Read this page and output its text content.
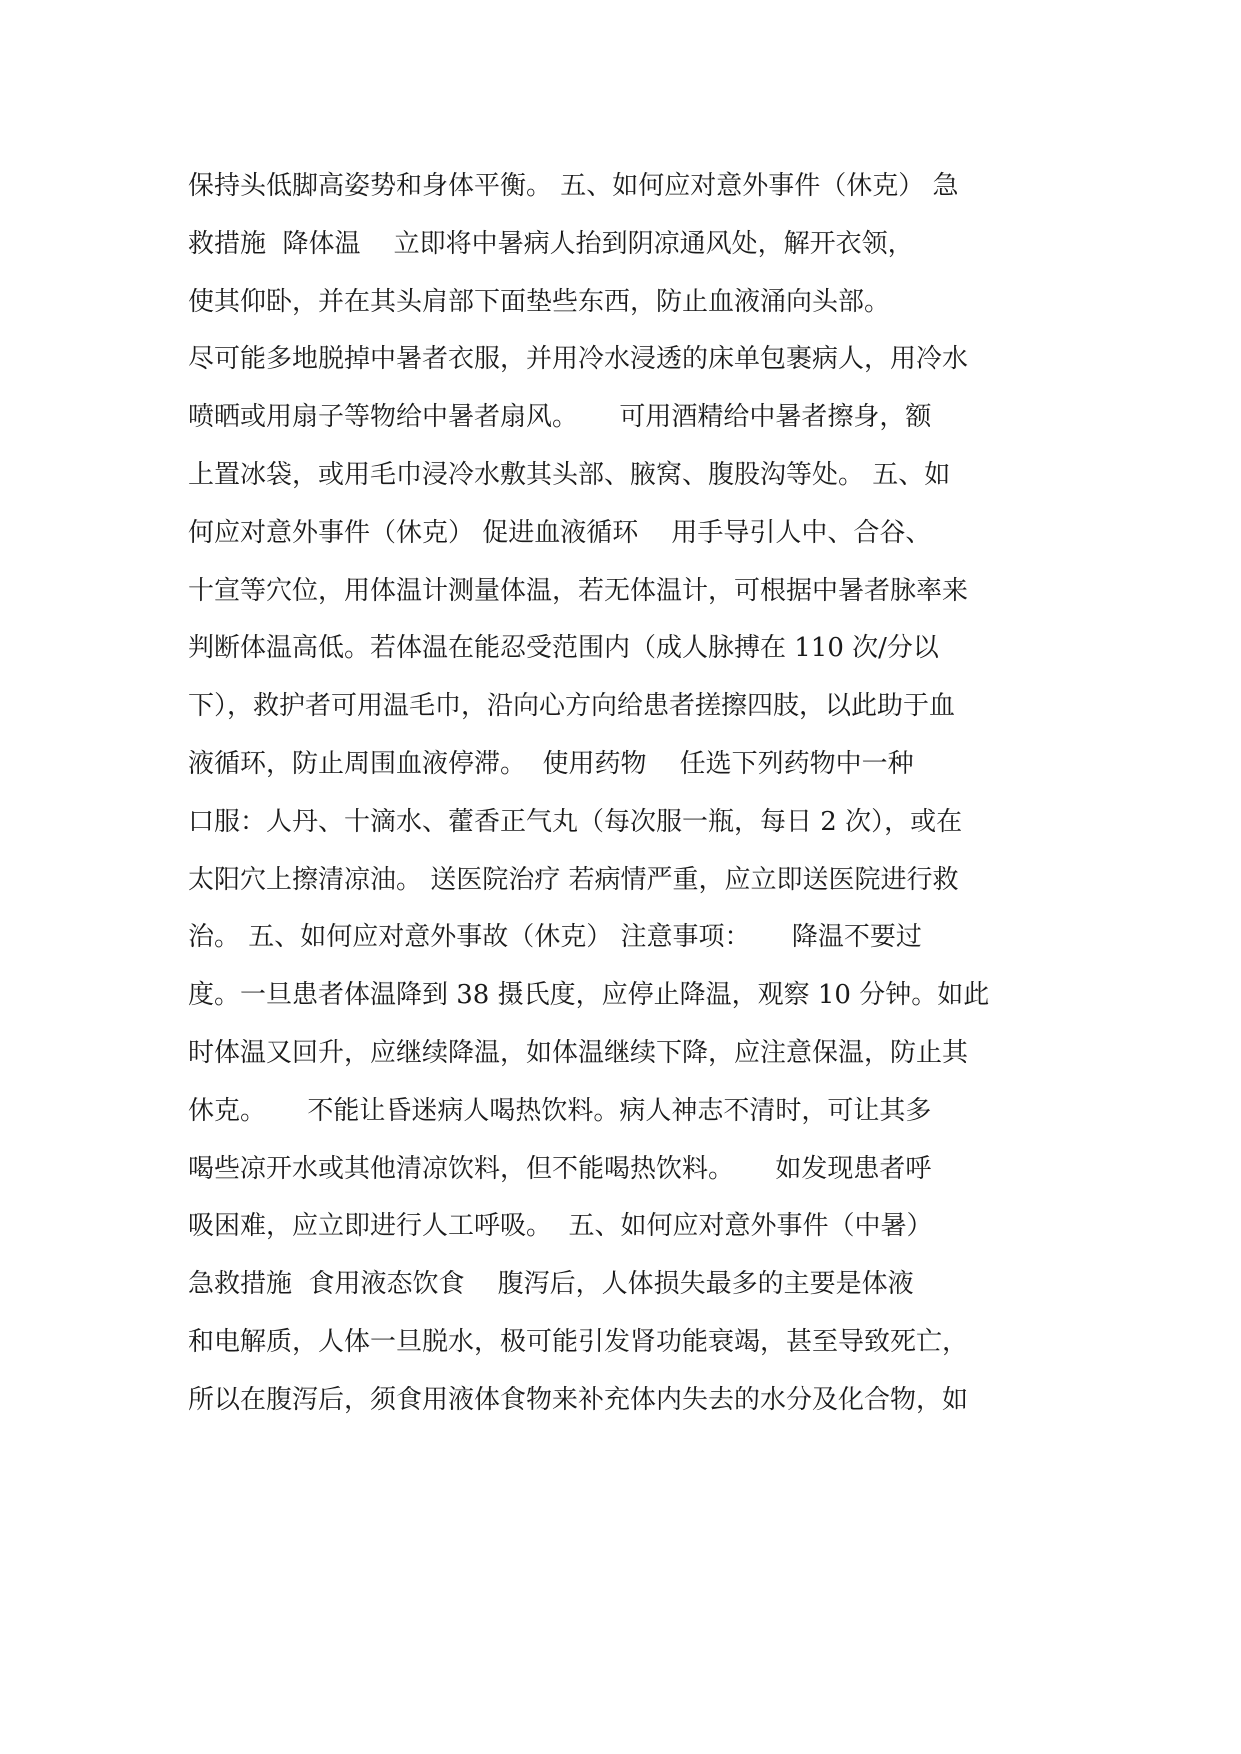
保持头低脚高姿势和身体平衡。 五、如何应对意外事件（休克） 急
救措施  降体温    立即将中暑病人抬到阴凉通风处，解开衣领，
使其仰卧，并在其头肩部下面垫些东西，防止血液涌向头部。
尽可能多地脱掉中暑者衣服，并用冷水浸透的床单包裹病人，用冷水
喷晒或用扇子等物给中暑者扇风。     可用酒精给中暑者擦身，额
上置冰袋，或用毛巾浸冷水敷其头部、腋窝、腹股沟等处。 五、如
何应对意外事件（休克） 促进血液循环    用手导引人中、合谷、
十宣等穴位，用体温计测量体温，若无体温计，可根据中暑者脉率来
判断体温高低。若体温在能忍受范围内（成人脉搏在 110 次/分以
下），救护者可用温毛巾，沿向心方向给患者搓擦四肢，以此助于血
液循环，防止周围血液停滞。  使用药物    任选下列药物中一种
口服：人丹、十滴水、藿香正气丸（每次服一瓶，每日 2 次），或在
太阳穴上擦清凉油。 送医院治疗 若病情严重，应立即送医院进行救
治。 五、如何应对意外事故（休克） 注意事项：     降温不要过
度。一旦患者体温降到 38 摄氏度，应停止降温，观察 10 分钟。如此
时体温又回升，应继续降温，如体温继续下降，应注意保温，防止其
休克。     不能让昏迷病人喝热饮料。病人神志不清时，可让其多
喝些凉开水或其他清凉饮料，但不能喝热饮料。     如发现患者呼
吸困难，应立即进行人工呼吸。  五、如何应对意外事件（中暑）
急救措施  食用液态饮食    腹泻后，人体损失最多的主要是体液
和电解质，人体一旦脱水，极可能引发肾功能衰竭，甚至导致死亡，
所以在腹泻后，须食用液体食物来补充体内失去的水分及化合物，如
